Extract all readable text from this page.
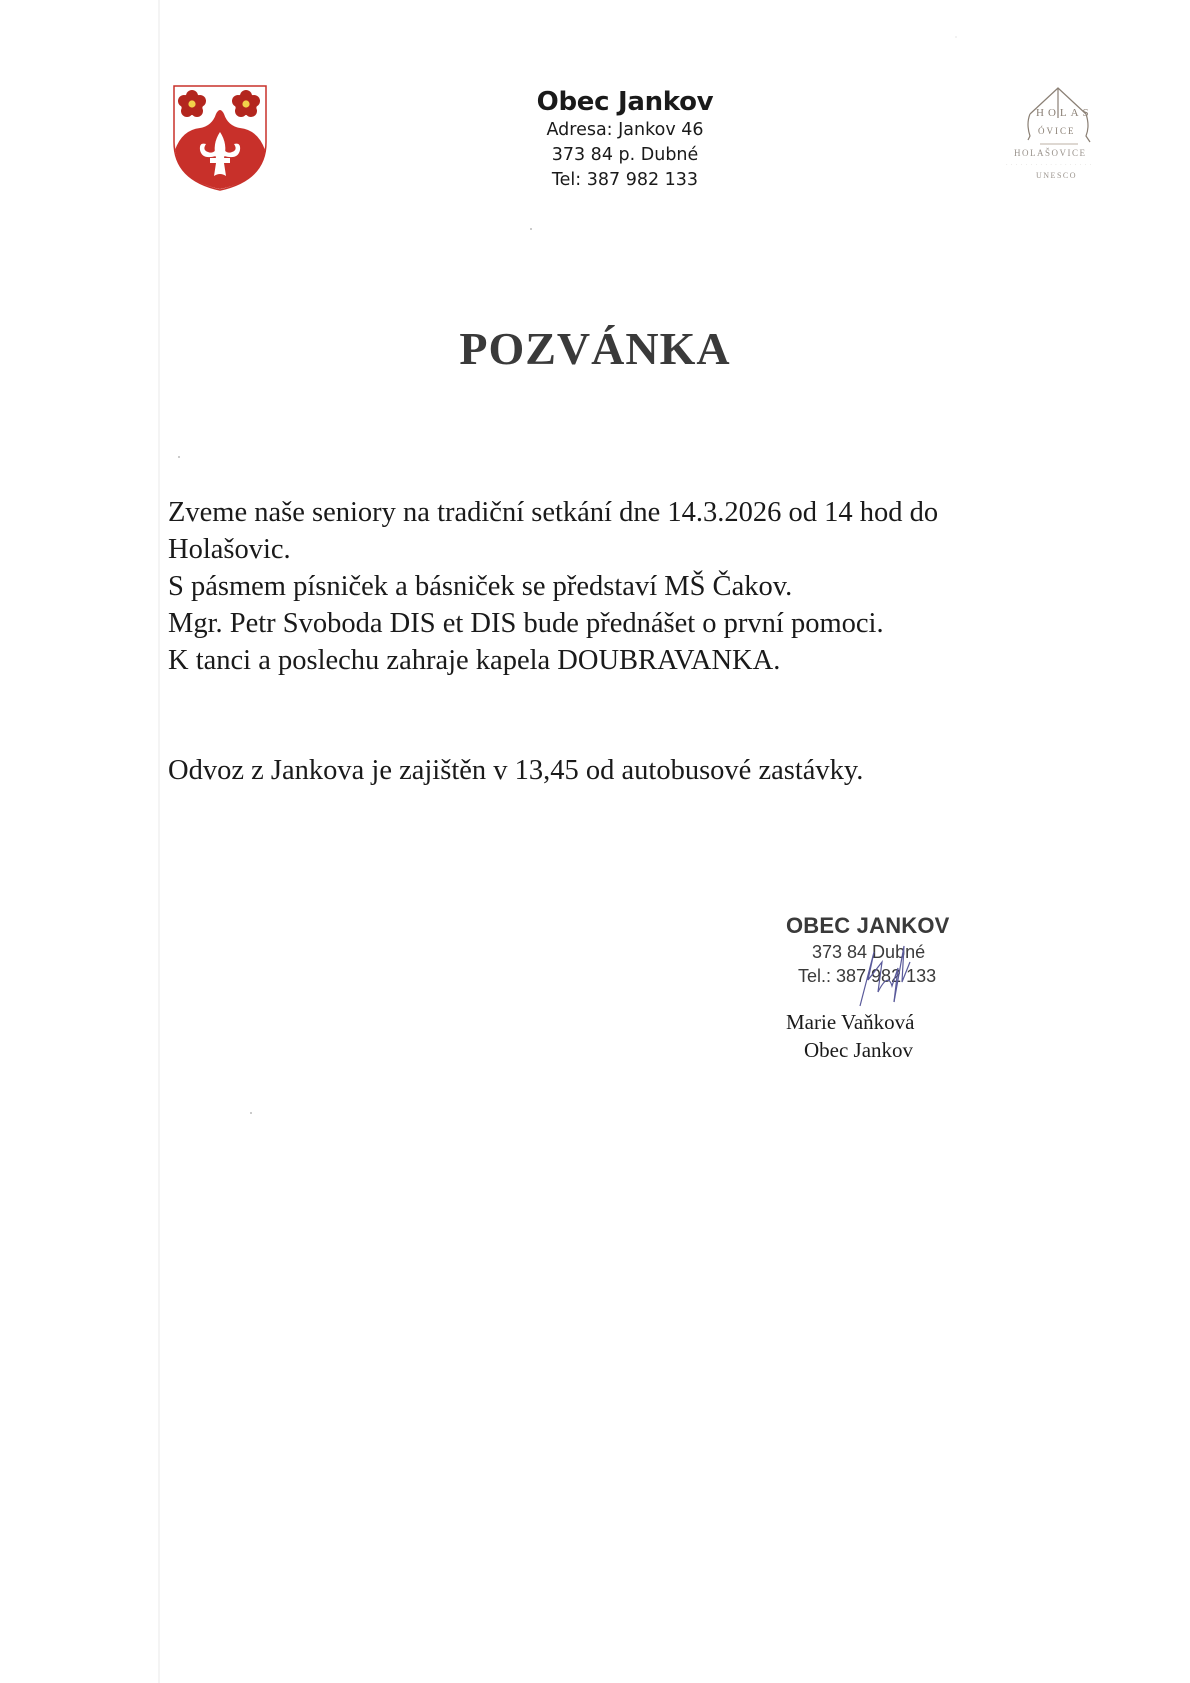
Obec Jankov
Adresa: Jankov 46
373 84 p. Dubné
Tel: 387 982 133
HOLAS
ÓVICE
HOLAŠOVICE
· · · · · · · · · · · · · · · · · ·
UNESCO
POZVÁNKA

Zveme naše seniory na tradiční setkání dne 14.3.2026 od 14 hod do

Holašovic.

S pásmem písniček a básniček se představí MŠ Čakov.

Mgr. Petr Svoboda DIS et DIS bude přednášet o první pomoci.

K tanci a poslechu zahraje kapela DOUBRAVANKA.

Odvoz z Jankova je zajištěn v 13,45 od autobusové zastávky.
OBEC JANKOV
373 84 Dubné
Tel.: 387 982 133
Marie Vaňková
Obec Jankov
